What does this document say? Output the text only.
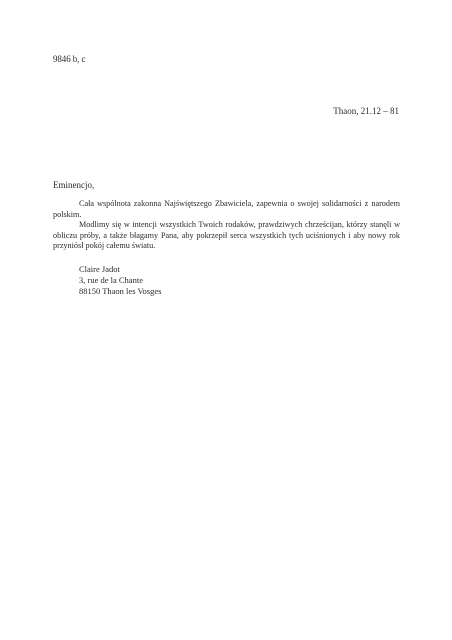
9846 b, c
Thaon, 21.12 – 81
Eminencjo,

Cała wspólnota zakonna Najświętszego Zbawiciela, zapewnia o swojej solidarności z narodem polskim.

Modlimy się w intencji wszystkich Twoich rodaków, prawdziwych chrześcijan, którzy stanęli w obliczu próby, a także błagamy Pana, aby pokrzepił serca wszystkich tych uciśnionych i aby nowy rok przyniósł pokój całemu światu.

Claire Jadot
3, rue de la Chante
88150 Thaon les Vosges
